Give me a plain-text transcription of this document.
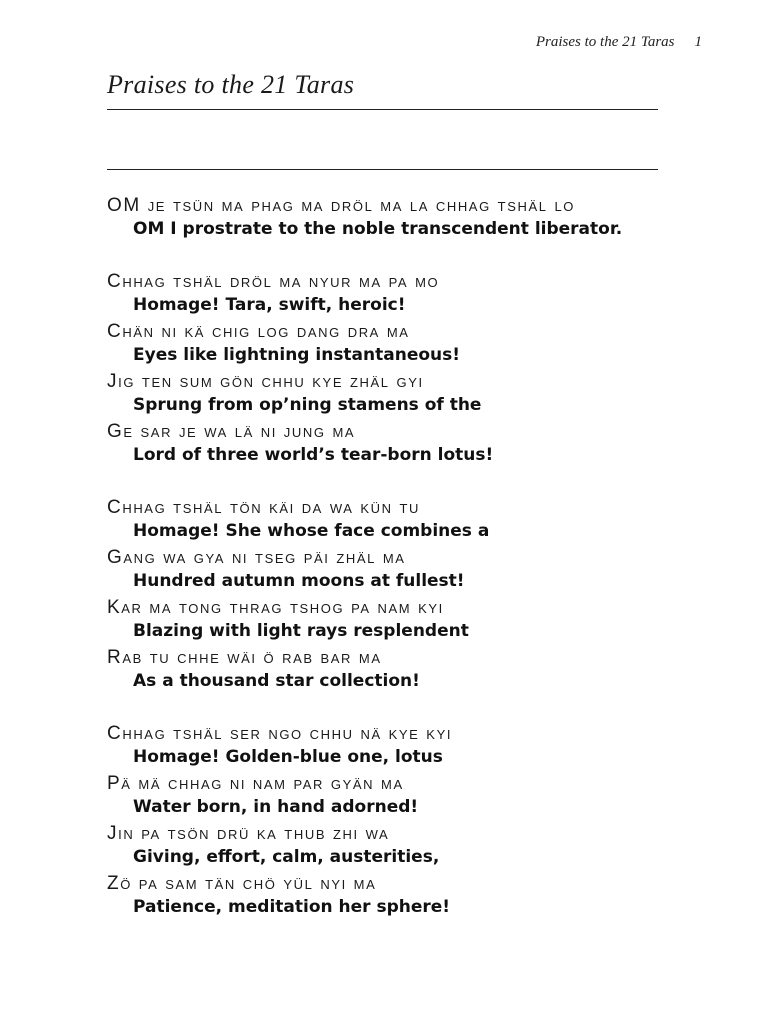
Praises to the 21 Taras 1
Praises to the 21 Taras
OM je tsün ma phag ma dröl ma la chhag tshäl lo
OM I prostrate to the noble transcendent liberator.
Chhag tshäl dröl ma nyur ma pa mo
Homage! Tara, swift, heroic!
Chän ni kä chig log dang dra ma
Eyes like lightning instantaneous!
Jig ten sum gön chhu kye zhäl gyi
Sprung from op’ning stamens of the
Ge sar je wa lä ni jung ma
Lord of three world’s tear-born lotus!
Chhag tshäl tön käi da wa kün tu
Homage! She whose face combines a
Gang wa gya ni tseg päi zhäl ma
Hundred autumn moons at fullest!
Kar ma tong thrag tshog pa nam kyi
Blazing with light rays resplendent
Rab tu chhe wäi ö rab bar ma
As a thousand star collection!
Chhag tshäl ser ngo chhu nä kye kyi
Homage! Golden-blue one, lotus
Pä mä chhag ni nam par gyän ma
Water born, in hand adorned!
Jin pa tsön drü ka thub zhi wa
Giving, effort, calm, austerities,
Zö pa sam tän chö yül nyi ma
Patience, meditation her sphere!
